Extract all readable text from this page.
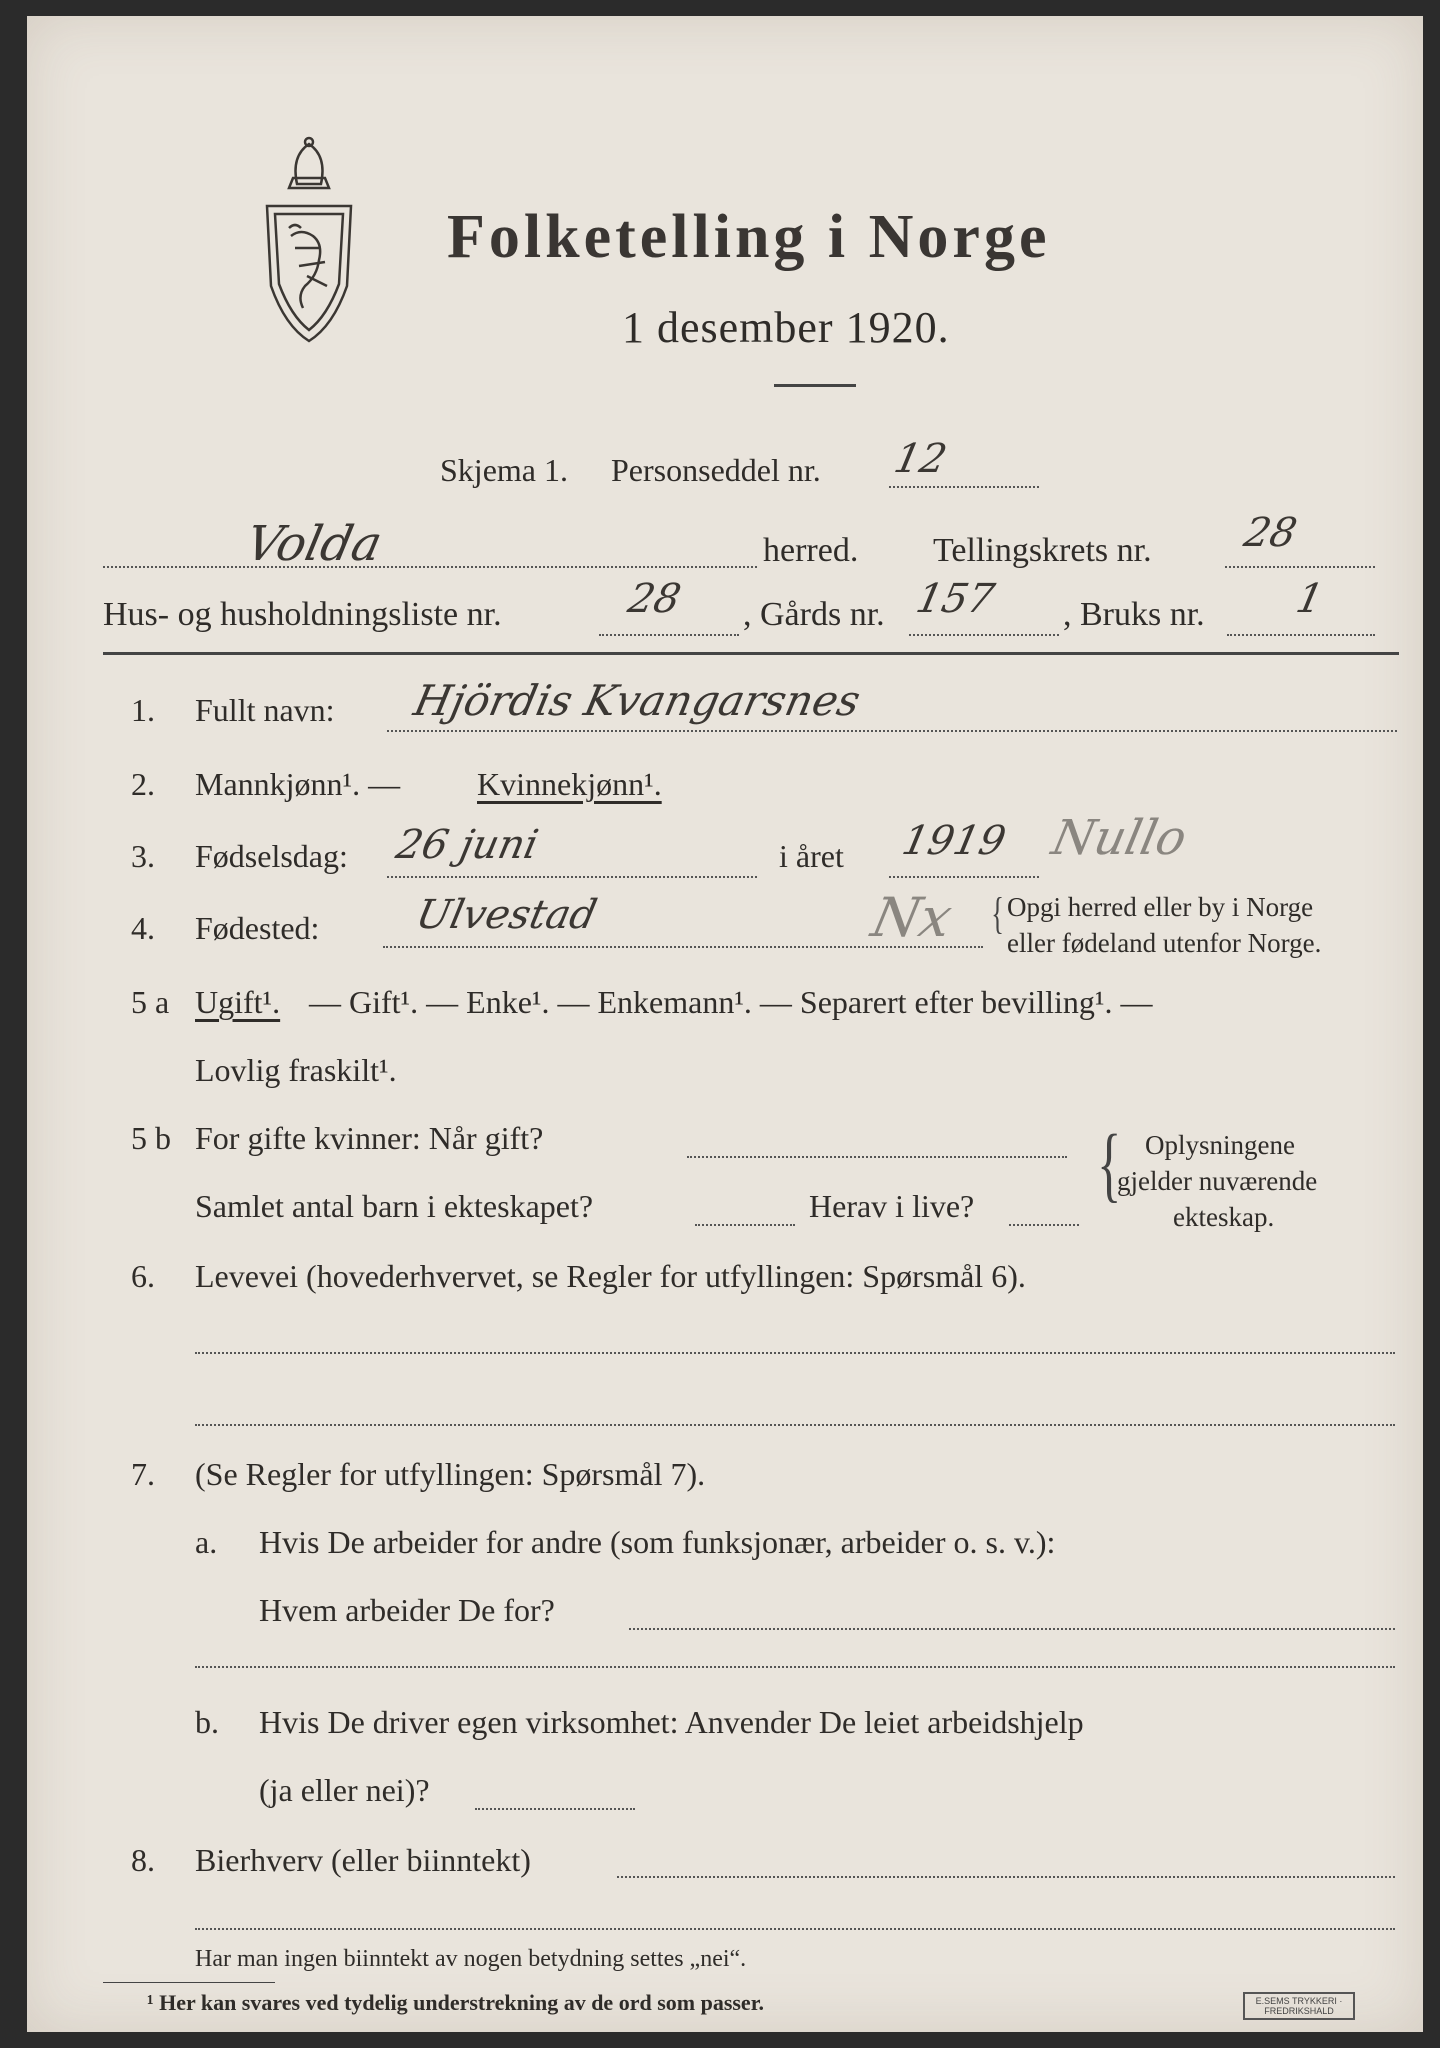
Folketelling i Norge
1 desember 1920.
Skjema 1. Personseddel nr. 12
Volda	herred. Tellingskrets nr. 28
Hus- og husholdningsliste nr.	28 , Gårds nr. 157 , Bruks nr. 1
1. Fullt navn: Hjördis Kvangarsnes
2. Mannkjønn¹. — Kvinnekjønn¹.
3. Fødselsdag: 26 juni	i året 1919 Nullo
4. Fødested: Ulvestad	Nx { Opgi herred eller by i Norge
eller fødeland utenfor Norge.
5 a Ugift¹. — Gift¹. — Enke¹. — Enkemann¹. — Separert efter bevilling¹. —
Lovlig fraskilt¹.
5 b For gifte kvinner: Når gift?
Samlet antal barn i ekteskapet?	Herav i live? { Oplysningene
gjelder nuværende
ekteskap.
6. Levevei (hovederhvervet, se Regler for utfyllingen: Spørsmål 6).
7. (Se Regler for utfyllingen: Spørsmål 7).
a. Hvis De arbeider for andre (som funksjonær, arbeider o. s. v.):
Hvem arbeider De for?
b. Hvis De driver egen virksomhet: Anvender De leiet arbeidshjelp
(ja eller nei)?
8. Bierhverv (eller biinntekt)
Har man ingen biinntekt av nogen betydning settes „nei“.
¹ Her kan svares ved tydelig understrekning av de ord som passer.	E.SEMS TRYKKERI · FREDRIKSHALD
